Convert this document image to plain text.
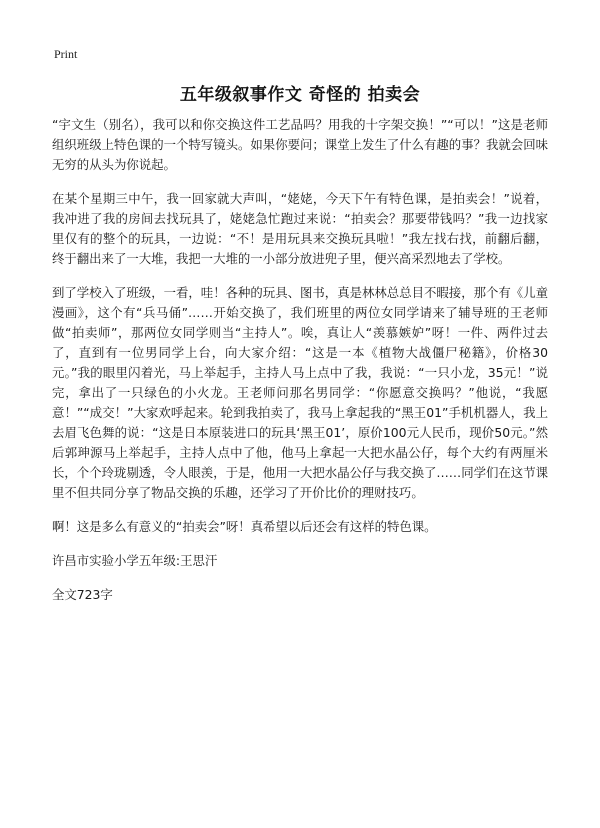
Print
五年级叙事作文 奇怪的 拍卖会

“宇文生（别名），我可以和你交换这件工艺品吗？用我的十字架交换！”“可以！”这是老师组织班级上特色课的一个特写镜头。如果你要问；课堂上发生了什么有趣的事？我就会回味无穷的从头为你说起。

在某个星期三中午，我一回家就大声叫，“姥姥，今天下午有特色课，是拍卖会！”说着，我冲进了我的房间去找玩具了，姥姥急忙跑过来说：“拍卖会？那要带钱吗？”我一边找家里仅有的整个的玩具，一边说：“不！是用玩具来交换玩具啦！”我左找右找，前翻后翻，终于翻出来了一大堆，我把一大堆的一小部分放进兜子里，便兴高采烈地去了学校。

到了学校入了班级，一看，哇！各种的玩具、图书，真是林林总总目不暇接，那个有《儿童漫画》，这个有“兵马俑”……开始交换了，我们班里的两位女同学请来了辅导班的王老师做“拍卖师”，那两位女同学则当“主持人”。唉，真让人“羡慕嫉妒”呀！一件、两件过去了，直到有一位男同学上台，向大家介绍：“这是一本《植物大战僵尸秘籍》，价格30元。”我的眼里闪着光，马上举起手，主持人马上点中了我，我说：“一只小龙，35元！”说完，拿出了一只绿色的小火龙。王老师问那名男同学：“你愿意交换吗？”他说，“我愿意！”“成交！”大家欢呼起来。轮到我拍卖了，我马上拿起我的“黑王01”手机机器人，我上去眉飞色舞的说：“这是日本原装进口的玩具‘黑王01’，原价100元人民币，现价50元。”然后郭珅源马上举起手，主持人点中了他，他马上拿起一大把水晶公仔，每个大约有两厘米长，个个玲珑剔透，令人眼羡，于是，他用一大把水晶公仔与我交换了……同学们在这节课里不但共同分享了物品交换的乐趣，还学习了开价比价的理财技巧。

啊！这是多么有意义的“拍卖会”呀！真希望以后还会有这样的特色课。

许昌市实验小学五年级:王思汗

全文723字
